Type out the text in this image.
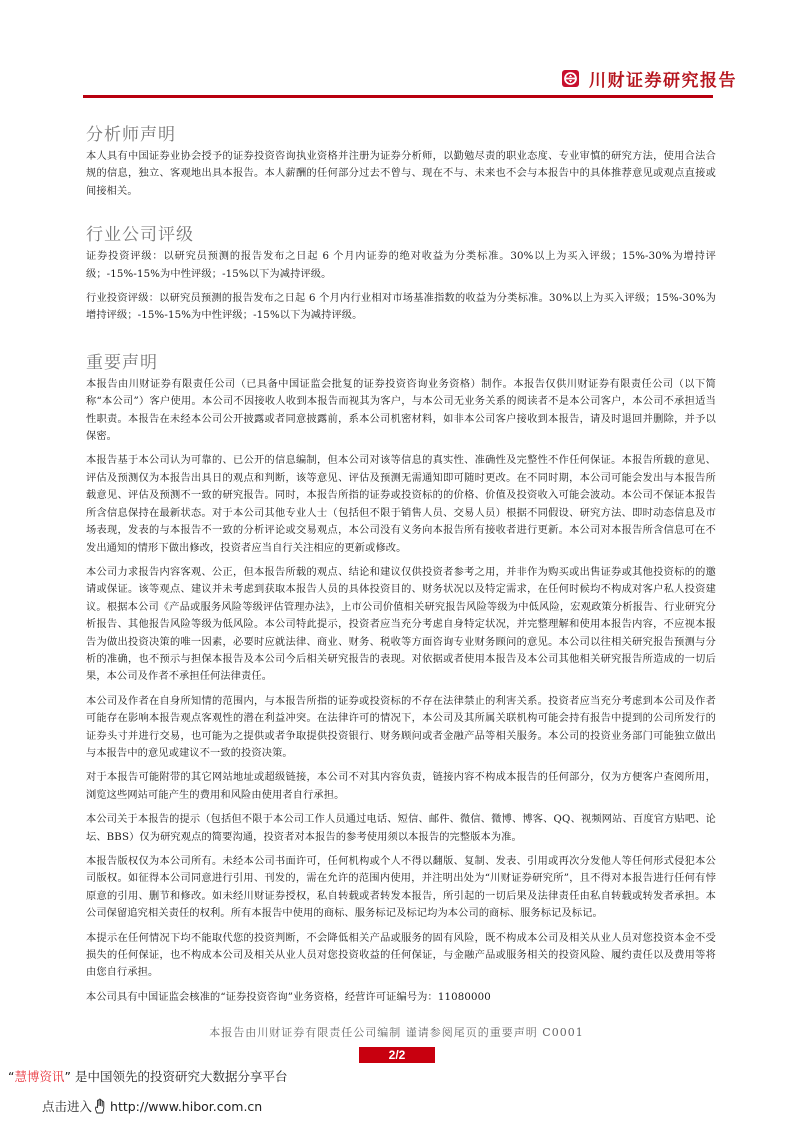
川财证券研究报告
分析师声明

本人具有中国证券业协会授予的证券投资咨询执业资格并注册为证券分析师，以勤勉尽责的职业态度、专业审慎的研究方法，使用合法合规的信息，独立、客观地出具本报告。本人薪酬的任何部分过去不曾与、现在不与、未来也不会与本报告中的具体推荐意见或观点直接或间接相关。

行业公司评级

证券投资评级：以研究员预测的报告发布之日起 6 个月内证券的绝对收益为分类标准。30%以上为买入评级；15%-30%为增持评级；-15%-15%为中性评级；-15%以下为减持评级。

行业投资评级：以研究员预测的报告发布之日起 6 个月内行业相对市场基准指数的收益为分类标准。30%以上为买入评级；15%-30%为增持评级；-15%-15%为中性评级；-15%以下为减持评级。

重要声明

本报告由川财证券有限责任公司（已具备中国证监会批复的证券投资咨询业务资格）制作。本报告仅供川财证券有限责任公司（以下简称“本公司”）客户使用。本公司不因接收人收到本报告而视其为客户，与本公司无业务关系的阅读者不是本公司客户，本公司不承担适当性职责。本报告在未经本公司公开披露或者同意披露前，系本公司机密材料，如非本公司客户接收到本报告，请及时退回并删除，并予以保密。

本报告基于本公司认为可靠的、已公开的信息编制，但本公司对该等信息的真实性、准确性及完整性不作任何保证。本报告所载的意见、评估及预测仅为本报告出具日的观点和判断，该等意见、评估及预测无需通知即可随时更改。在不同时期，本公司可能会发出与本报告所载意见、评估及预测不一致的研究报告。同时，本报告所指的证券或投资标的的价格、价值及投资收入可能会波动。本公司不保证本报告所含信息保持在最新状态。对于本公司其他专业人士（包括但不限于销售人员、交易人员）根据不同假设、研究方法、即时动态信息及市场表现，发表的与本报告不一致的分析评论或交易观点，本公司没有义务向本报告所有接收者进行更新。本公司对本报告所含信息可在不发出通知的情形下做出修改，投资者应当自行关注相应的更新或修改。

本公司力求报告内容客观、公正，但本报告所载的观点、结论和建议仅供投资者参考之用，并非作为购买或出售证券或其他投资标的的邀请或保证。该等观点、建议并未考虑到获取本报告人员的具体投资目的、财务状况以及特定需求，在任何时候均不构成对客户私人投资建议。根据本公司《产品或服务风险等级评估管理办法》，上市公司价值相关研究报告风险等级为中低风险，宏观政策分析报告、行业研究分析报告、其他报告风险等级为低风险。本公司特此提示，投资者应当充分考虑自身特定状况，并完整理解和使用本报告内容，不应视本报告为做出投资决策的唯一因素，必要时应就法律、商业、财务、税收等方面咨询专业财务顾问的意见。本公司以往相关研究报告预测与分析的准确，也不预示与担保本报告及本公司今后相关研究报告的表现。对依据或者使用本报告及本公司其他相关研究报告所造成的一切后果，本公司及作者不承担任何法律责任。

本公司及作者在自身所知情的范围内，与本报告所指的证券或投资标的不存在法律禁止的利害关系。投资者应当充分考虑到本公司及作者可能存在影响本报告观点客观性的潜在利益冲突。在法律许可的情况下，本公司及其所属关联机构可能会持有报告中提到的公司所发行的证券头寸并进行交易，也可能为之提供或者争取提供投资银行、财务顾问或者金融产品等相关服务。本公司的投资业务部门可能独立做出与本报告中的意见或建议不一致的投资决策。

对于本报告可能附带的其它网站地址或超级链接，本公司不对其内容负责，链接内容不构成本报告的任何部分，仅为方便客户查阅所用，浏览这些网站可能产生的费用和风险由使用者自行承担。

本公司关于本报告的提示（包括但不限于本公司工作人员通过电话、短信、邮件、微信、微博、博客、QQ、视频网站、百度官方贴吧、论坛、BBS）仅为研究观点的简要沟通，投资者对本报告的参考使用须以本报告的完整版本为准。

本报告版权仅为本公司所有。未经本公司书面许可，任何机构或个人不得以翻版、复制、发表、引用或再次分发他人等任何形式侵犯本公司版权。如征得本公司同意进行引用、刊发的，需在允许的范围内使用，并注明出处为“川财证券研究所”，且不得对本报告进行任何有悖原意的引用、删节和修改。如未经川财证券授权，私自转载或者转发本报告，所引起的一切后果及法律责任由私自转载或转发者承担。本公司保留追究相关责任的权利。所有本报告中使用的商标、服务标记及标记均为本公司的商标、服务标记及标记。

本提示在任何情况下均不能取代您的投资判断，不会降低相关产品或服务的固有风险，既不构成本公司及相关从业人员对您投资本金不受损失的任何保证，也不构成本公司及相关从业人员对您投资收益的任何保证，与金融产品或服务相关的投资风险、履约责任以及费用等将由您自行承担。

本公司具有中国证监会核准的“证券投资咨询”业务资格，经营许可证编号为：11080000

本报告由川财证券有限责任公司编制 谨请参阅尾页的重要声明 C0001
2/2
“慧博资讯” 是中国领先的投资研究大数据分享平台
点击进入 http://www.hibor.com.cn
